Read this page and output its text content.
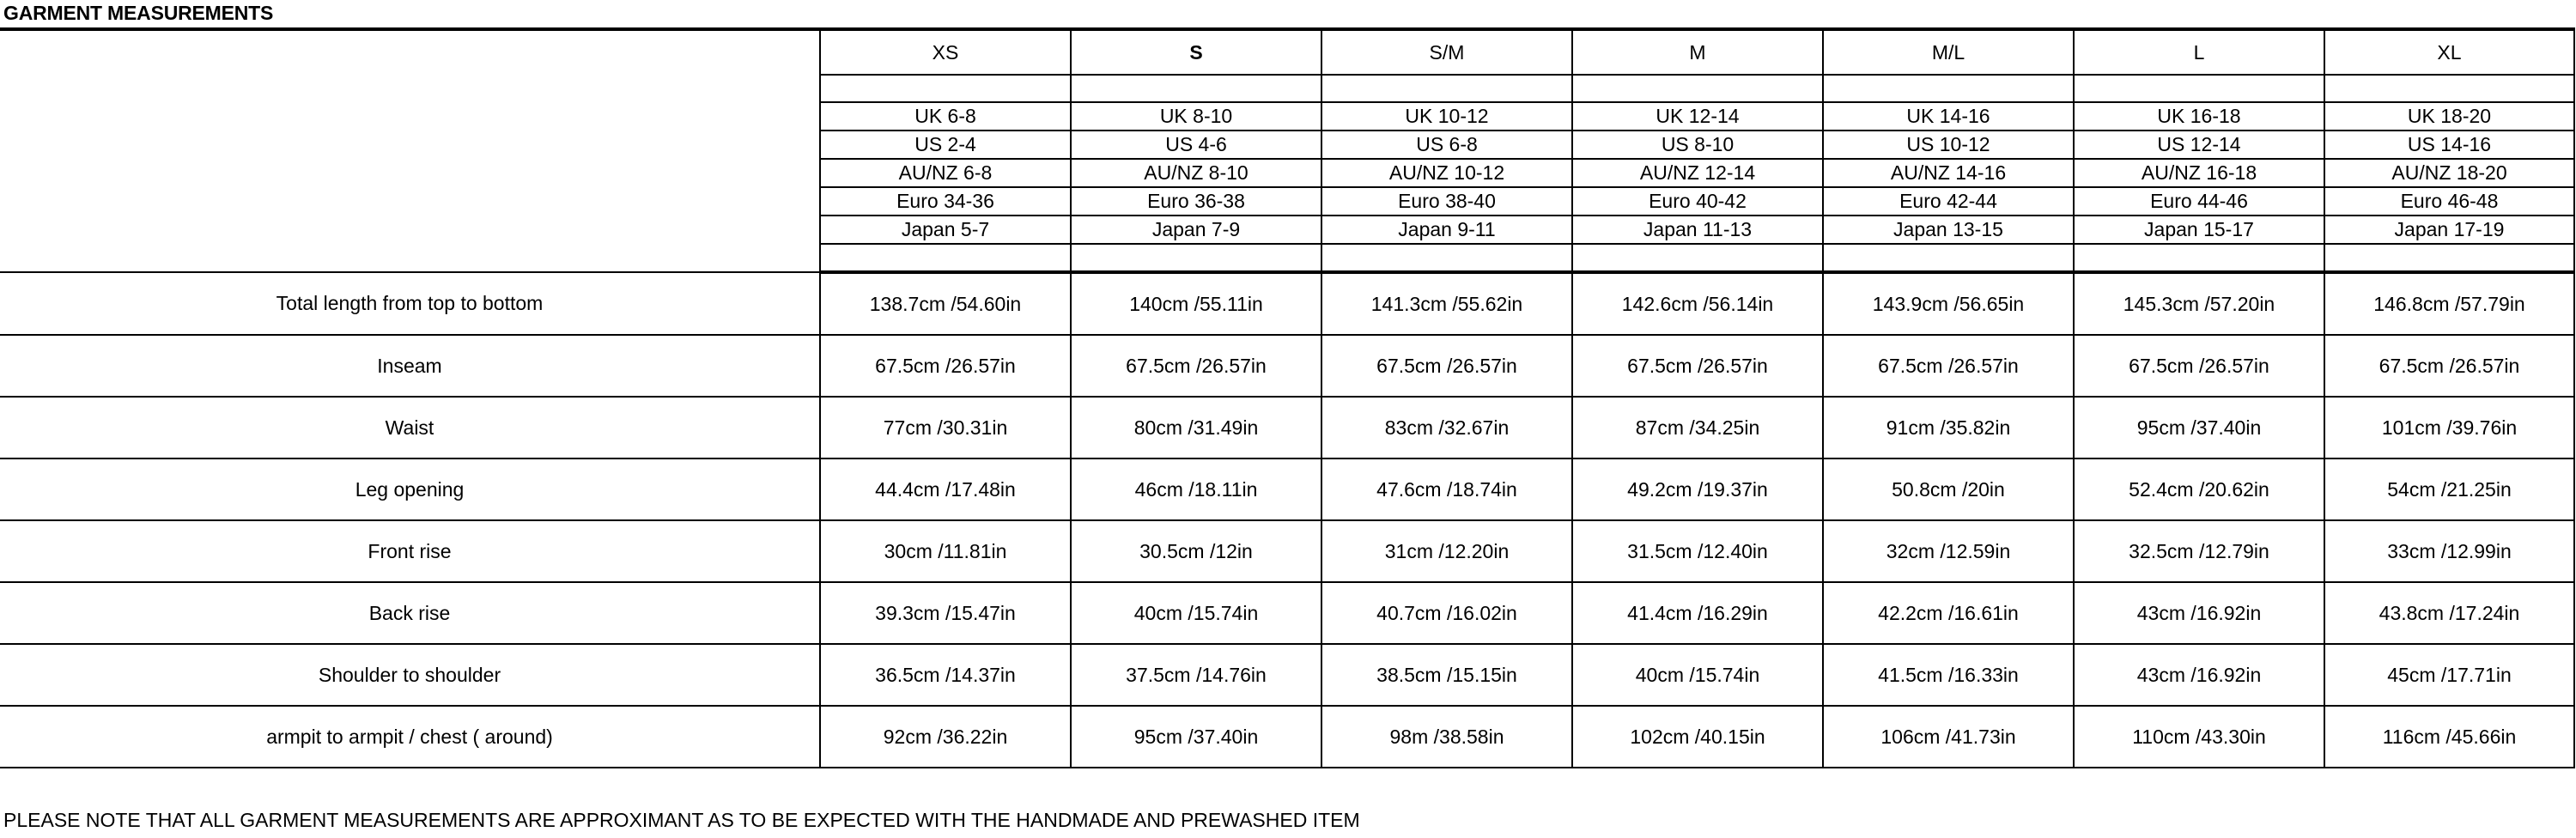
GARMENT MEASUREMENTS
	XS	S	S/M	M	M/L	L	XL

	UK 6-8	UK 8-10	UK 10-12	UK 12-14	UK 14-16	UK 16-18	UK 18-20
	US 2-4	US 4-6	US 6-8	US 8-10	US 10-12	US 12-14	US 14-16
	AU/NZ 6-8	AU/NZ 8-10	AU/NZ 10-12	AU/NZ 12-14	AU/NZ 14-16	AU/NZ 16-18	AU/NZ 18-20
	Euro 34-36	Euro 36-38	Euro 38-40	Euro 40-42	Euro 42-44	Euro 44-46	Euro 46-48
	Japan 5-7	Japan 7-9	Japan 9-11	Japan 11-13	Japan 13-15	Japan 15-17	Japan 17-19

Total length from top to bottom	138.7cm /54.60in	140cm /55.11in	141.3cm /55.62in	142.6cm /56.14in	143.9cm /56.65in	145.3cm /57.20in	146.8cm /57.79in
Inseam	67.5cm /26.57in	67.5cm /26.57in	67.5cm /26.57in	67.5cm /26.57in	67.5cm /26.57in	67.5cm /26.57in	67.5cm /26.57in
Waist	77cm /30.31in	80cm /31.49in	83cm /32.67in	87cm /34.25in	91cm /35.82in	95cm /37.40in	101cm /39.76in
Leg opening	44.4cm /17.48in	46cm /18.11in	47.6cm /18.74in	49.2cm /19.37in	50.8cm /20in	52.4cm /20.62in	54cm /21.25in
Front rise	30cm /11.81in	30.5cm /12in	31cm /12.20in	31.5cm /12.40in	32cm /12.59in	32.5cm /12.79in	33cm /12.99in
Back rise	39.3cm /15.47in	40cm /15.74in	40.7cm /16.02in	41.4cm /16.29in	42.2cm /16.61in	43cm /16.92in	43.8cm /17.24in
Shoulder to shoulder	36.5cm /14.37in	37.5cm /14.76in	38.5cm /15.15in	40cm /15.74in	41.5cm /16.33in	43cm /16.92in	45cm /17.71in
armpit to armpit / chest ( around)	92cm /36.22in	95cm /37.40in	98m /38.58in	102cm /40.15in	106cm /41.73in	110cm /43.30in	116cm /45.66in
PLEASE NOTE THAT ALL GARMENT MEASUREMENTS ARE APPROXIMANT AS TO BE EXPECTED WITH THE HANDMADE AND PREWASHED ITEM
